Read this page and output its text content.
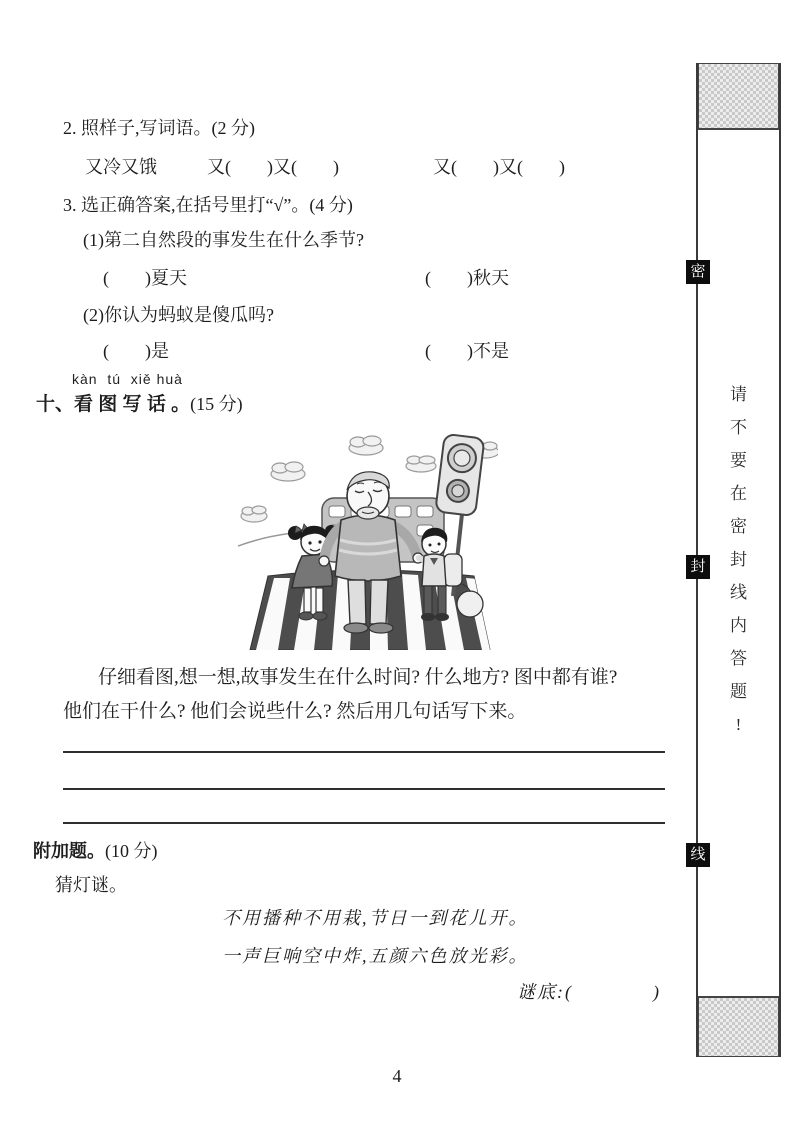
2. 照样子,写词语。(2 分)
又冷又饿	又(　　)又(　　)	又(　　)又(　　)
3. 选正确答案,在括号里打“√”。(4 分)
(1)第二自然段的事发生在什么季节?
(　　)夏天	(　　)秋天
(2)你认为蚂蚁是傻瓜吗?
(　　)是	(　　)不是
kàn  tú  xiě huà
十、看 图 写 话 。 (15 分)
仔细看图,想一想,故事发生在什么时间? 什么地方? 图中都有谁?
他们在干什么? 他们会说些什么? 然后用几句话写下来。
附加题。 (10 分)
猜灯谜。
不用播种不用栽,节日一到花儿开。
一声巨响空中炸,五颜六色放光彩。
谜底:(　　　　)
密
封
线
请
不
要
在
密
封
线
内
答
题
!
4
